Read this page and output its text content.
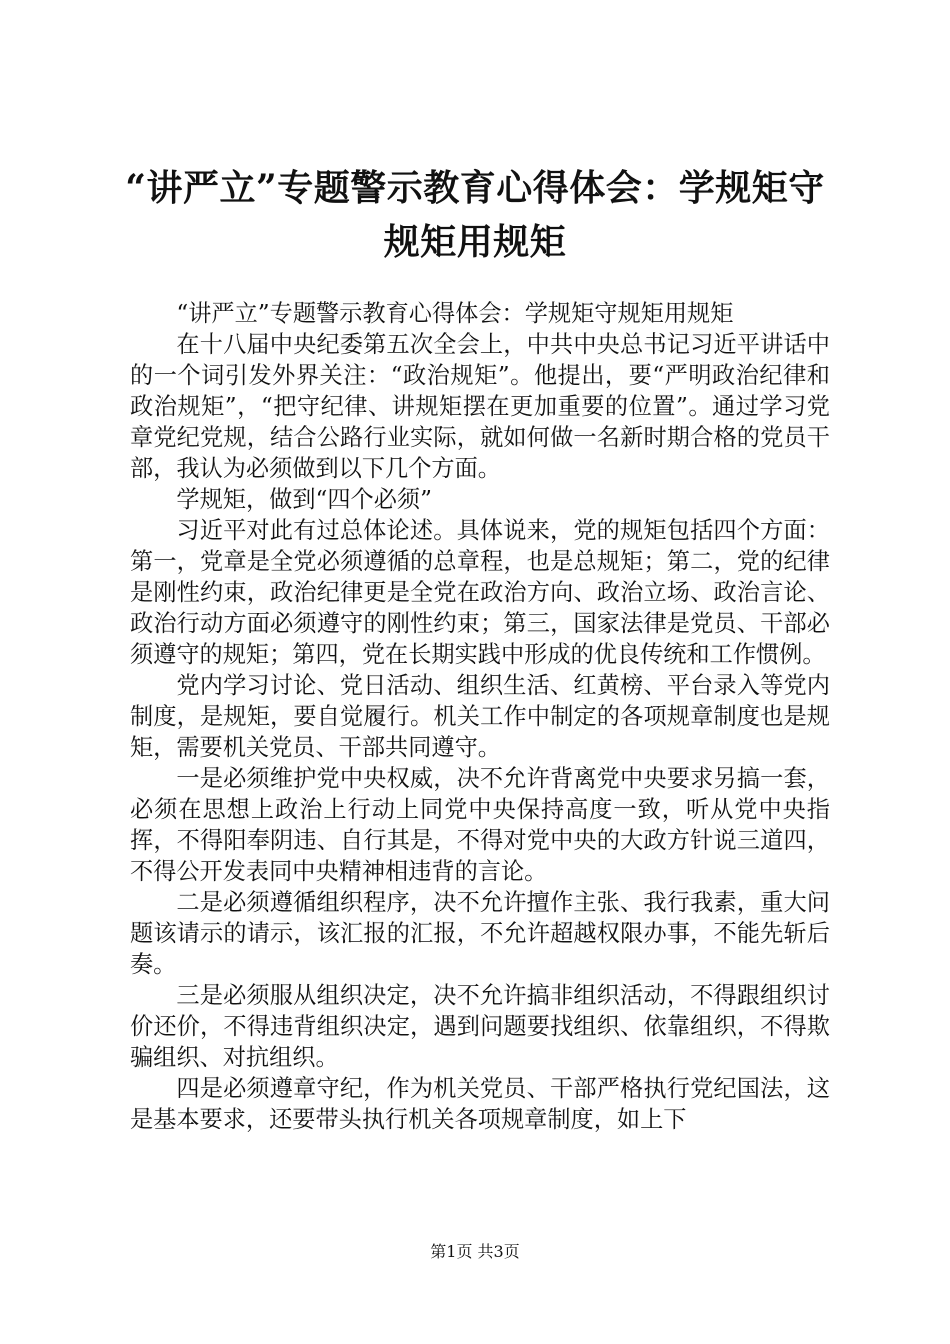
“讲严立”专题警示教育心得体会：学规矩守
规矩用规矩

“讲严立”专题警示教育心得体会：学规矩守规矩用规矩

在十八届中央纪委第五次全会上，中共中央总书记习近平讲话中的一个词引发外界关注：“政治规矩”。他提出，要“严明政治纪律和政治规矩”，“把守纪律、讲规矩摆在更加重要的位置”。通过学习党章党纪党规，结合公路行业实际，就如何做一名新时期合格的党员干部，我认为必须做到以下几个方面。

学规矩，做到“四个必须”

习近平对此有过总体论述。具体说来，党的规矩包括四个方面：第一，党章是全党必须遵循的总章程，也是总规矩；第二，党的纪律是刚性约束，政治纪律更是全党在政治方向、政治立场、政治言论、政治行动方面必须遵守的刚性约束；第三，国家法律是党员、干部必须遵守的规矩；第四，党在长期实践中形成的优良传统和工作惯例。

党内学习讨论、党日活动、组织生活、红黄榜、平台录入等党内制度，是规矩，要自觉履行。机关工作中制定的各项规章制度也是规矩，需要机关党员、干部共同遵守。

一是必须维护党中央权威，决不允许背离党中央要求另搞一套，必须在思想上政治上行动上同党中央保持高度一致，听从党中央指挥，不得阳奉阴违、自行其是，不得对党中央的大政方针说三道四，不得公开发表同中央精神相违背的言论。

二是必须遵循组织程序，决不允许擅作主张、我行我素，重大问题该请示的请示，该汇报的汇报，不允许超越权限办事，不能先斩后奏。

三是必须服从组织决定，决不允许搞非组织活动，不得跟组织讨价还价，不得违背组织决定，遇到问题要找组织、依靠组织，不得欺骗组织、对抗组织。

四是必须遵章守纪，作为机关党员、干部严格执行党纪国法，这是基本要求，还要带头执行机关各项规章制度，如上下

第1页 共3页
